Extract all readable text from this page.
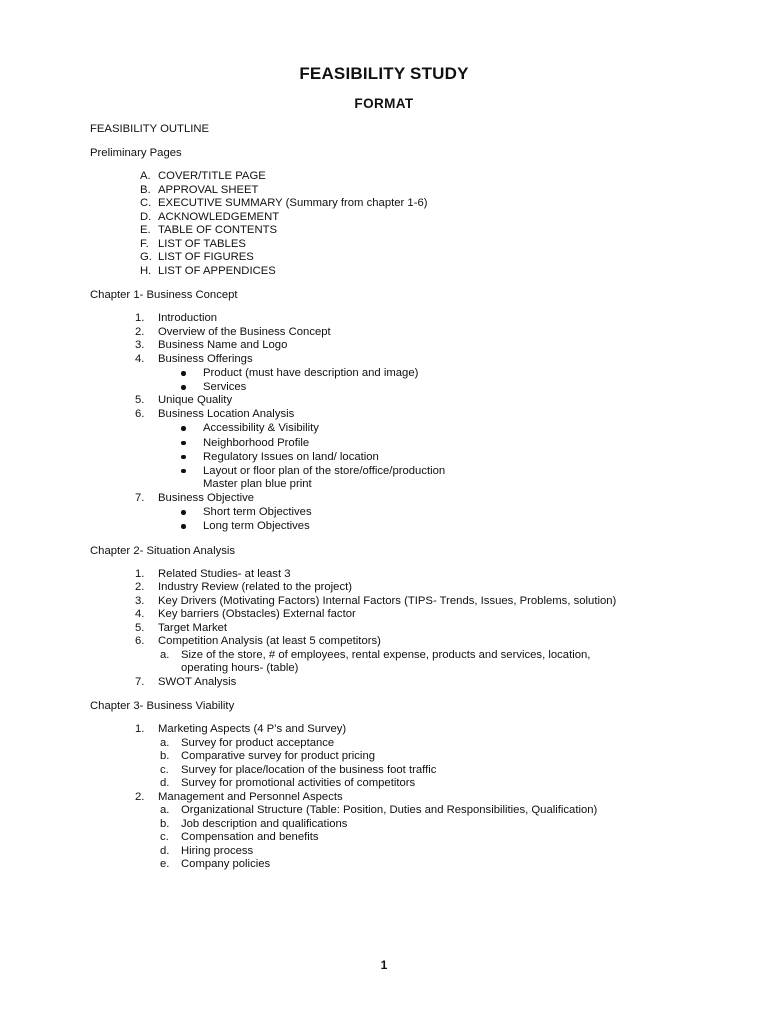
FEASIBILITY STUDY
FORMAT

FEASIBILITY OUTLINE

Preliminary Pages

A. COVER/TITLE PAGE
B. APPROVAL SHEET
C. EXECUTIVE SUMMARY (Summary from chapter 1-6)
D. ACKNOWLEDGEMENT
E. TABLE OF CONTENTS
F. LIST OF TABLES
G. LIST OF FIGURES
H. LIST OF APPENDICES

Chapter 1- Business Concept

1. Introduction
2. Overview of the Business Concept
3. Business Name and Logo
4. Business Offerings
Product (must have description and image)
Services
5. Unique Quality
6. Business Location Analysis
Accessibility & Visibility
Neighborhood Profile
Regulatory Issues on land/ location
Layout or floor plan of the store/office/production
Master plan blue print
7. Business Objective
Short term Objectives
Long term Objectives

Chapter 2- Situation Analysis

1. Related Studies- at least 3
2. Industry Review (related to the project)
3. Key Drivers (Motivating Factors) Internal Factors (TIPS- Trends, Issues, Problems, solution)
4. Key barriers (Obstacles) External factor
5. Target Market
6. Competition Analysis (at least 5 competitors)
a. Size of the store, # of employees, rental expense, products and services, location,
operating hours- (table)
7. SWOT Analysis

Chapter 3- Business Viability

1. Marketing Aspects (4 P’s and Survey)
a. Survey for product acceptance
b. Comparative survey for product pricing
c. Survey for place/location of the business foot traffic
d. Survey for promotional activities of competitors
2. Management and Personnel Aspects
a. Organizational Structure (Table: Position, Duties and Responsibilities, Qualification)
b. Job description and qualifications
c. Compensation and benefits
d. Hiring process
e. Company policies
1
